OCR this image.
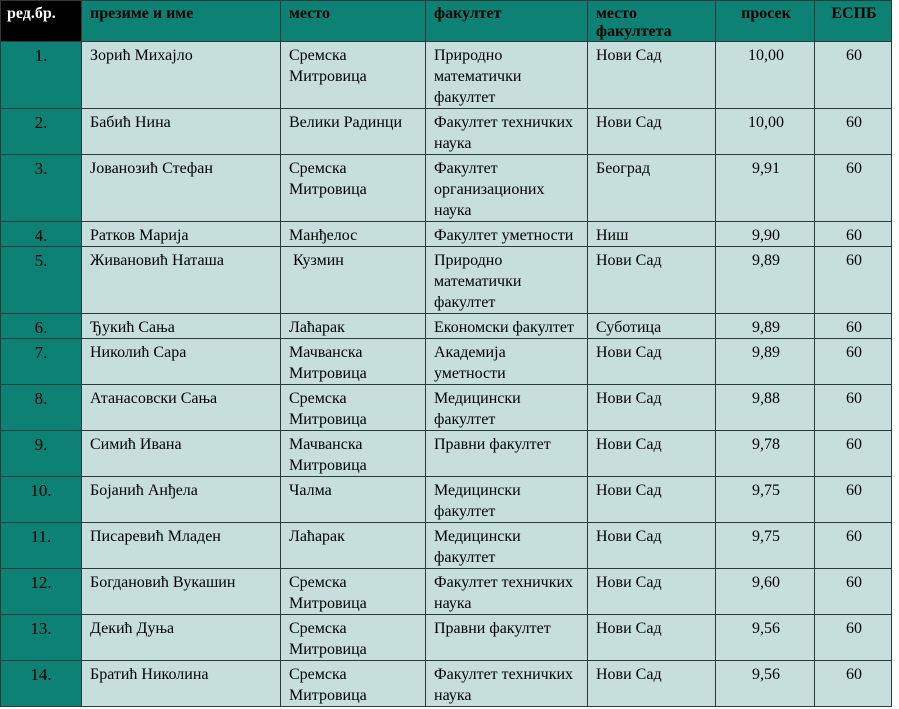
ред.бр.	презиме и име	место	факултет	место факултета	просек	ЕСПБ
1.	Зорић Михајло	Сремска Митровица	Природно математички факултет	Нови Сад	10,00	60
2.	Бабић Нина	Велики Радинци	Факултет техничких наука	Нови Сад	10,00	60
3.	Јованозић Стефан	Сремска Митровица	Факултет организационих наука	Београд	9,91	60
4.	Ратков Марија	Манђелос	Факултет уметности	Ниш	9,90	60
5.	Живановић Наташа	Кузмин	Природно математички факултет	Нови Сад	9,89	60
6.	Ђукић Сања	Лаћарак	Економски факултет	Суботица	9,89	60
7.	Николић Сара	Мачванска Митровица	Академија уметности	Нови Сад	9,89	60
8.	Атанасовски Сања	Сремска Митровица	Медицински факултет	Нови Сад	9,88	60
9.	Симић Ивана	Мачванска Митровица	Правни факултет	Нови Сад	9,78	60
10.	Бојанић Анђела	Чалма	Медицински факултет	Нови Сад	9,75	60
11.	Писаревић Младен	Лаћарак	Медицински факултет	Нови Сад	9,75	60
12.	Богдановић Вукашин	Сремска Митровица	Факултет техничких наука	Нови Сад	9,60	60
13.	Декић Дуња	Сремска Митровица	Правни факултет	Нови Сад	9,56	60
14.	Братић Николина	Сремска Митровица	Факултет техничких наука	Нови Сад	9,56	60
